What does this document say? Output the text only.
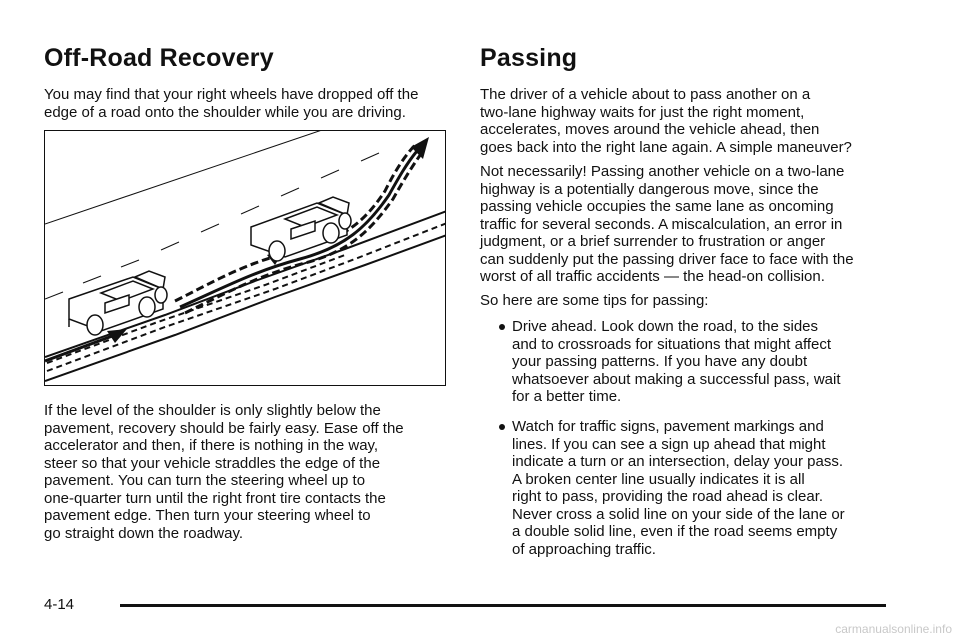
Off-Road Recovery
You may find that your right wheels have dropped off the
edge of a road onto the shoulder while you are driving.
If the level of the shoulder is only slightly below the
pavement, recovery should be fairly easy. Ease off the
accelerator and then, if there is nothing in the way,
steer so that your vehicle straddles the edge of the
pavement. You can turn the steering wheel up to
one-quarter turn until the right front tire contacts the
pavement edge. Then turn your steering wheel to
go straight down the roadway.
Passing
The driver of a vehicle about to pass another on a
two-lane highway waits for just the right moment,
accelerates, moves around the vehicle ahead, then
goes back into the right lane again. A simple maneuver?
Not necessarily! Passing another vehicle on a two-lane
highway is a potentially dangerous move, since the
passing vehicle occupies the same lane as oncoming
traffic for several seconds. A miscalculation, an error in
judgment, or a brief surrender to frustration or anger
can suddenly put the passing driver face to face with the
worst of all traffic accidents — the head-on collision.
So here are some tips for passing:
Drive ahead. Look down the road, to the sides
and to crossroads for situations that might affect
your passing patterns. If you have any doubt
whatsoever about making a successful pass, wait
for a better time.
Watch for traffic signs, pavement markings and
lines. If you can see a sign up ahead that might
indicate a turn or an intersection, delay your pass.
A broken center line usually indicates it is all
right to pass, providing the road ahead is clear.
Never cross a solid line on your side of the lane or
a double solid line, even if the road seems empty
of approaching traffic.
4-14
carmanualsonline.info
